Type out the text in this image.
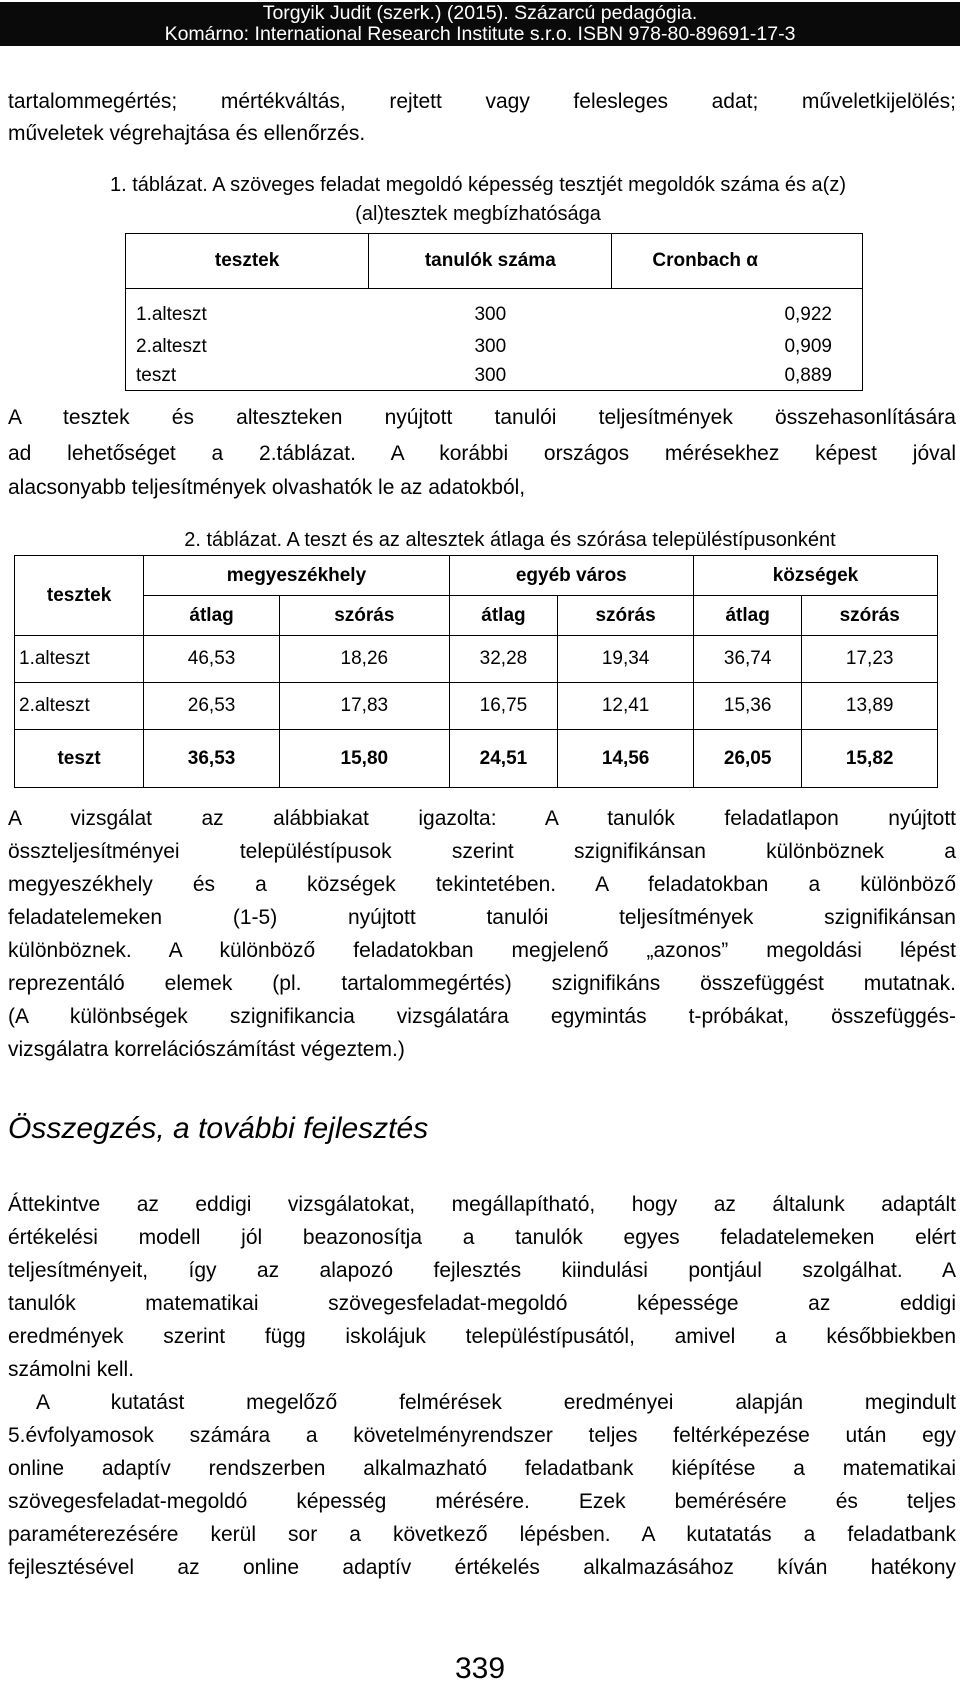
Torgyik Judit (szerk.) (2015). Százarcú pedagógia.
Komárno: International Research Institute s.r.o. ISBN 978-80-89691-17-3
tartalommegértés; mértékváltás, rejtett vagy felesleges adat; műveletkijelölés;
műveletek végrehajtása és ellenőrzés.
1. táblázat. A szöveges feladat megoldó képesség tesztjét megoldók száma és a(z)
(al)tesztek megbízhatósága
tesztek	tanulók száma	Cronbach α
1.alteszt	300	0,922
2.alteszt	300	0,909
teszt	300	0,889
A tesztek és alteszteken nyújtott tanulói teljesítmények összehasonlítására
ad lehetőséget a 2.táblázat. A korábbi országos mérésekhez képest jóval
alacsonyabb teljesítmények olvashatók le az adatokból,
2. táblázat. A teszt és az altesztek átlaga és szórása településtípusonként
tesztek	megyeszékhely		egyéb város		községek	
	átlag	szórás	átlag	szórás	átlag	szórás
1.alteszt	46,53	18,26	32,28	19,34	36,74	17,23
2.alteszt	26,53	17,83	16,75	12,41	15,36	13,89
teszt	36,53	15,80	24,51	14,56	26,05	15,82
A vizsgálat az alábbiakat igazolta: A tanulók feladatlapon nyújtott
összteljesítményei településtípusok szerint szignifikánsan különböznek a
megyeszékhely és a községek tekintetében. A feladatokban a különböző
feladatelemeken (1-5) nyújtott tanulói teljesítmények szignifikánsan
különböznek. A különböző feladatokban megjelenő „azonos” megoldási lépést
reprezentáló elemek (pl. tartalommegértés) szignifikáns összefüggést mutatnak.
(A különbségek szignifikancia vizsgálatára egymintás t-próbákat, összefüggés-
vizsgálatra korrelációszámítást végeztem.)
Összegzés, a további fejlesztés
Áttekintve az eddigi vizsgálatokat, megállapítható, hogy az általunk adaptált
értékelési modell jól beazonosítja a tanulók egyes feladatelemeken elért
teljesítményeit, így az alapozó fejlesztés kiindulási pontjául szolgálhat. A
tanulók matematikai szövegesfeladat-megoldó képessége az eddigi
eredmények szerint függ iskolájuk településtípusától, amivel a későbbiekben
számolni kell.
A kutatást megelőző felmérések eredményei alapján megindult
5.évfolyamosok számára a követelményrendszer teljes feltérképezése után egy
online adaptív rendszerben alkalmazható feladatbank kiépítése a matematikai
szövegesfeladat-megoldó képesség mérésére. Ezek bemérésére és teljes
paraméterezésére kerül sor a következő lépésben. A kutatatás a feladatbank
fejlesztésével az online adaptív értékelés alkalmazásához kíván hatékony
339
